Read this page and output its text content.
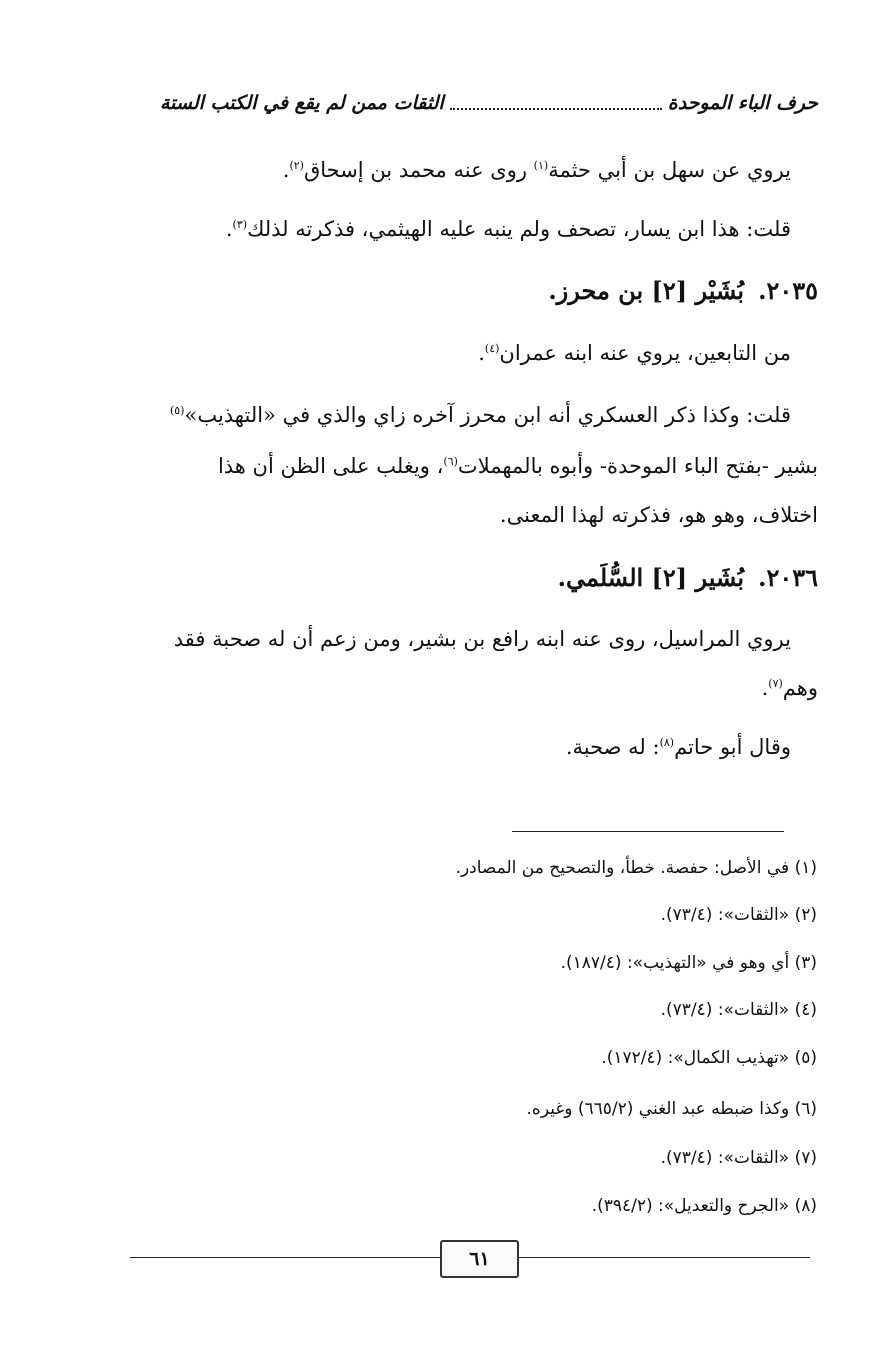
حرف الباء الموحدة
الثقات ممن لم يقع في الكتب الستة
يروي عن سهل بن أبي حثمة$^{(١)}$ روى عنه محمد بن إسحاق$^{(٢)}$.
قلت: هذا ابن يسار، تصحف ولم ينبه عليه الهيثمي، فذكرته لذلك$^{(٣)}$.
٢٠٣٥.بُشَيْر [٢] بن محرز.
من التابعين، يروي عنه ابنه عمران$^{(٤)}$.
قلت: وكذا ذكر العسكري أنه ابن محرز آخره زاي والذي في «التهذيب»$^{(٥)}$
بشير -بفتح الباء الموحدة- وأبوه بالمهملات$^{(٦)}$، ويغلب على الظن أن هذا
اختلاف، وهو هو، فذكرته لهذا المعنى.
٢٠٣٦.بُشَير [٢] السُّلَمي.
يروي المراسيل، روى عنه ابنه رافع بن بشير، ومن زعم أن له صحبة فقد
وهم$^{(٧)}$.
وقال أبو حاتم$^{(٨)}$: له صحبة.
(١) في الأصل: حفصة. خطأ، والتصحيح من المصادر.
(٢) «الثقات»: (٧٣/٤).
(٣) أي وهو في «التهذيب»: (١٨٧/٤).
(٤) «الثقات»: (٧٣/٤).
(٥) «تهذيب الكمال»: (١٧٢/٤).
(٦) وكذا ضبطه عبد الغني (٦٦٥/٢) وغيره.
(٧) «الثقات»: (٧٣/٤).
(٨) «الجرح والتعديل»: (٣٩٤/٢).
٦١
